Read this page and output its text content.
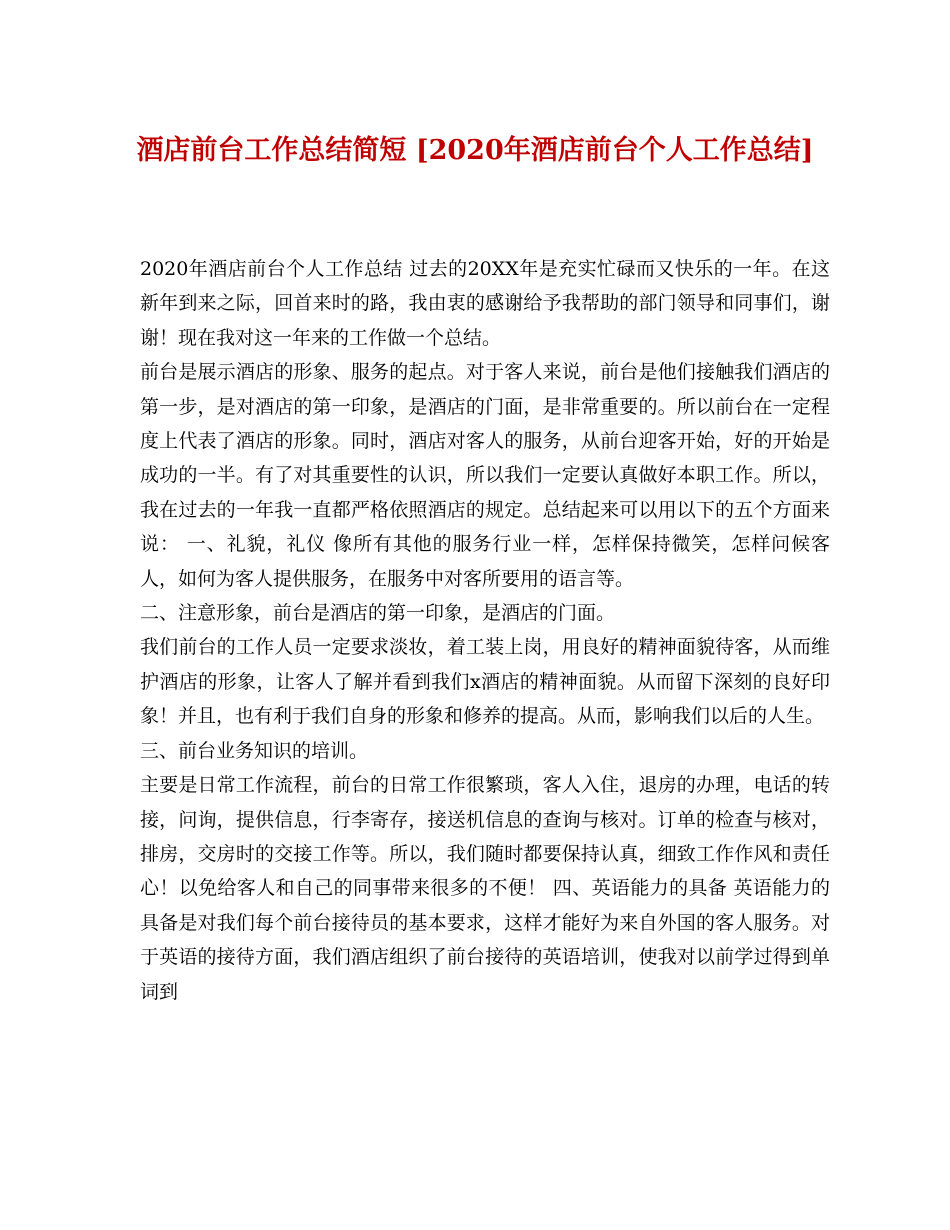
酒店前台工作总结简短 [2020年酒店前台个人工作总结]

2020年酒店前台个人工作总结 过去的20XX年是充实忙碌而又快乐的一年。在这新年到来之际，回首来时的路，我由衷的感谢给予我帮助的部门领导和同事们，谢谢！现在我对这一年来的工作做一个总结。

前台是展示酒店的形象、服务的起点。对于客人来说，前台是他们接触我们酒店的第一步，是对酒店的第一印象，是酒店的门面，是非常重要的。所以前台在一定程度上代表了酒店的形象。同时，酒店对客人的服务，从前台迎客开始，好的开始是成功的一半。有了对其重要性的认识，所以我们一定要认真做好本职工作。所以，我在过去的一年我一直都严格依照酒店的规定。总结起来可以用以下的五个方面来说： 一、礼貌，礼仪 像所有其他的服务行业一样，怎样保持微笑，怎样问候客人，如何为客人提供服务，在服务中对客所要用的语言等。

二、注意形象，前台是酒店的第一印象，是酒店的门面。

我们前台的工作人员一定要求淡妆，着工装上岗，用良好的精神面貌待客，从而维护酒店的形象，让客人了解并看到我们x酒店的精神面貌。从而留下深刻的良好印象！并且，也有利于我们自身的形象和修养的提高。从而，影响我们以后的人生。

三、前台业务知识的培训。

主要是日常工作流程，前台的日常工作很繁琐，客人入住，退房的办理，电话的转接，问询，提供信息，行李寄存，接送机信息的查询与核对。订单的检查与核对，排房，交房时的交接工作等。所以，我们随时都要保持认真，细致工作作风和责任心！以免给客人和自己的同事带来很多的不便！ 四、英语能力的具备 英语能力的具备是对我们每个前台接待员的基本要求，这样才能好为来自外国的客人服务。对于英语的接待方面，我们酒店组织了前台接待的英语培训，使我对以前学过得到单词到
